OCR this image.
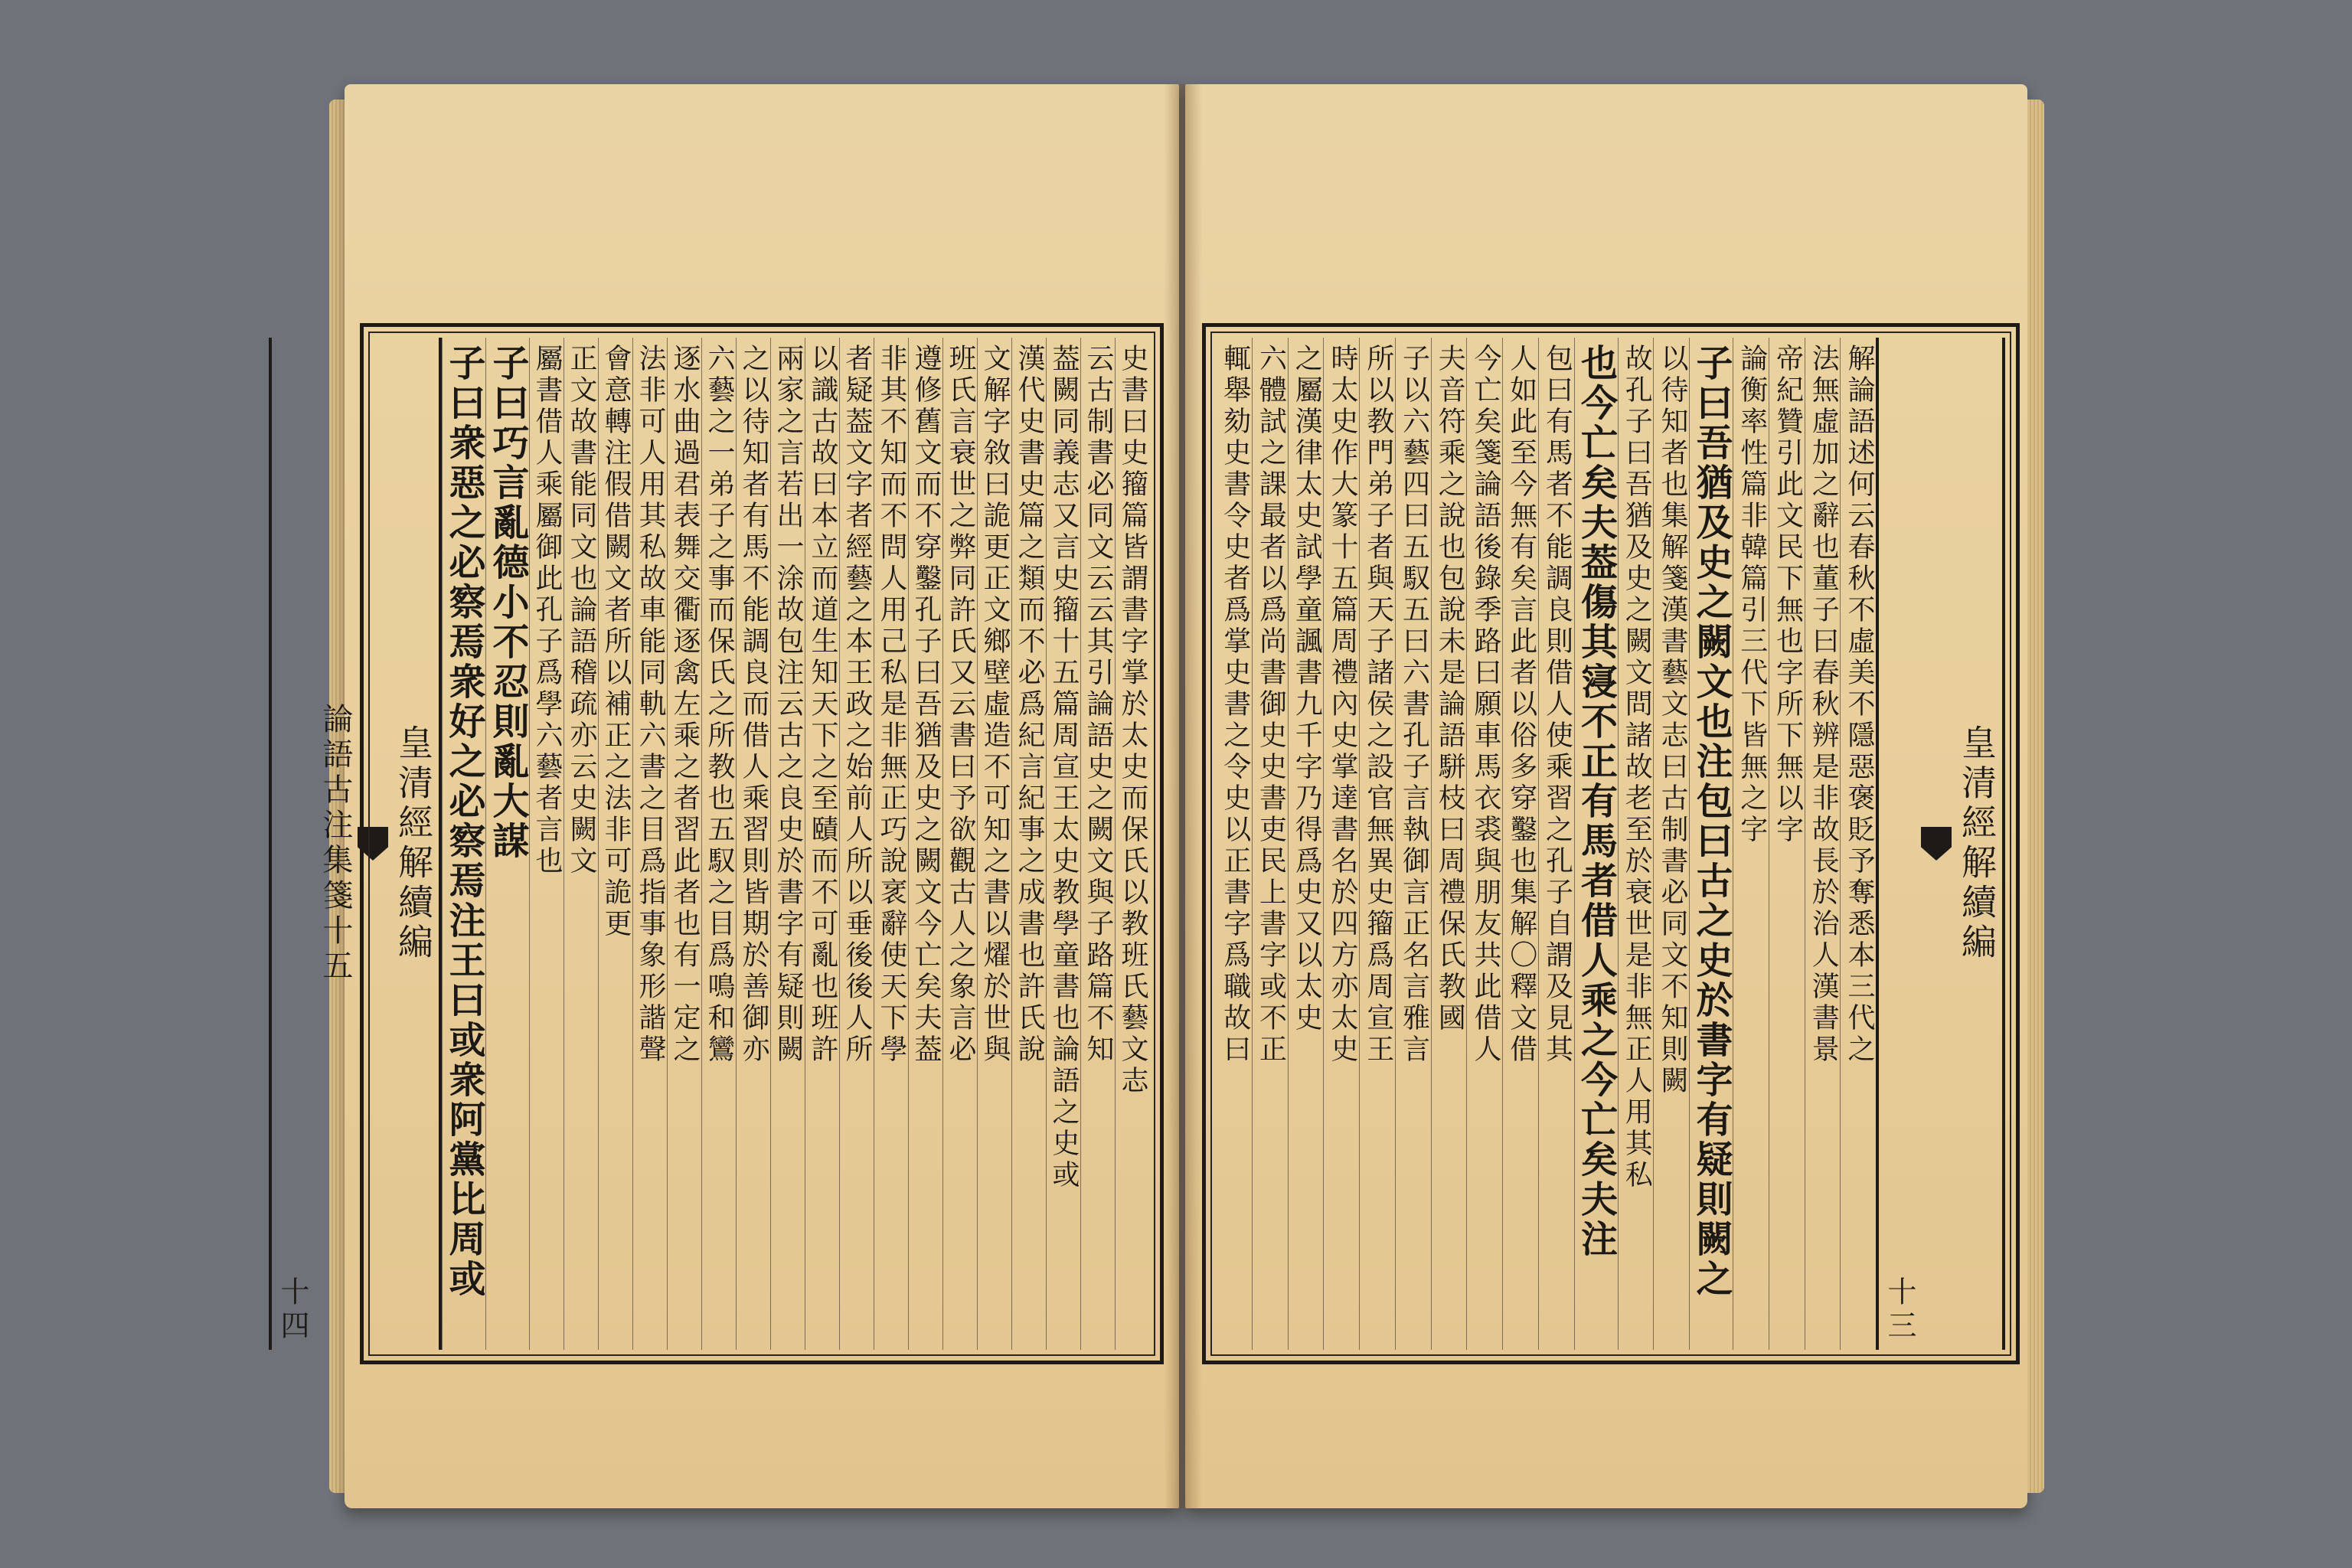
史書曰史籀篇皆謂書字掌於太史而保氏以教班氏藝文志
云古制書必同文云云其引論語史之闕文與子路篇不知
葢闕同義志又言史籀十五篇周宣王太史教學童書也論語之史或
漢代史書史篇之類而不必爲紀言紀事之成書也許氏說
文解字敘曰詭更正文鄉壁虛造不可知之書以燿於世與
班氏言衰世之弊同許氏又云書曰予欲觀古人之象言必
遵修舊文而不穿鑿孔子曰吾猶及史之闕文今亡矣夫葢
非其不知而不問人用己私是非無正巧說衺辭使天下學
者疑葢文字者經藝之本王政之始前人所以垂後後人所
以識古故曰本立而道生知天下之至賾而不可亂也班許
兩家之言若出一涂故包注云古之良史於書字有疑則闕
之以待知者有馬不能調良而借人乘習則皆期於善御亦
六藝之一弟子之事而保氏之所教也五馭之目爲鳴和鸞
逐水曲過君表舞交衢逐禽左乘之者習此者也有一定之
法非可人用其私故車能同軌六書之目爲指事象形諧聲
會意轉注假借闕文者所以補正之法非可詭更
正文故書能同文也論語稽疏亦云史闕文
屬書借人乘屬御此孔子爲學六藝者言也
子曰巧言亂德小不忍則亂大謀
子曰衆惡之必察焉衆好之必察焉注王曰或衆阿黨比周或
皇清經解續編
論語古注集箋十五
十四
皇清經解續編
十三
解論語述何云春秋不虛美不隱惡褒貶予奪悉本三代之
法無虛加之辭也董子曰春秋辨是非故長於治人漢書景
帝紀贊引此文民下無也字所下無以字
論衡率性篇非韓篇引三代下皆無之字
子曰吾猶及史之闕文也注包曰古之史於書字有疑則闕之
以待知者也集解箋漢書藝文志曰古制書必同文不知則闕
故孔子曰吾猶及史之闕文問諸故老至於衰世是非無正人用其私
也今亡矣夫葢傷其寖不正有馬者借人乘之今亡矣夫注
包曰有馬者不能調良則借人使乘習之孔子自謂及見其
人如此至今無有矣言此者以俗多穿鑿也集解〇釋文借
今亡矣箋論語後錄季路曰願車馬衣裘與朋友共此借人
夫音符乘之說也包說未是論語駢枝曰周禮保氏教國
子以六藝四曰五馭五曰六書孔子言執御言正名言雅言
所以教門弟子者與天子諸侯之設官無異史籀爲周宣王
時太史作大篆十五篇周禮內史掌達書名於四方亦太史
之屬漢律太史試學童諷書九千字乃得爲史又以太史
六體試之課最者以爲尚書御史史書吏民上書字或不正
輒舉劾史書令史者爲掌史書之令史以正書字爲職故曰
